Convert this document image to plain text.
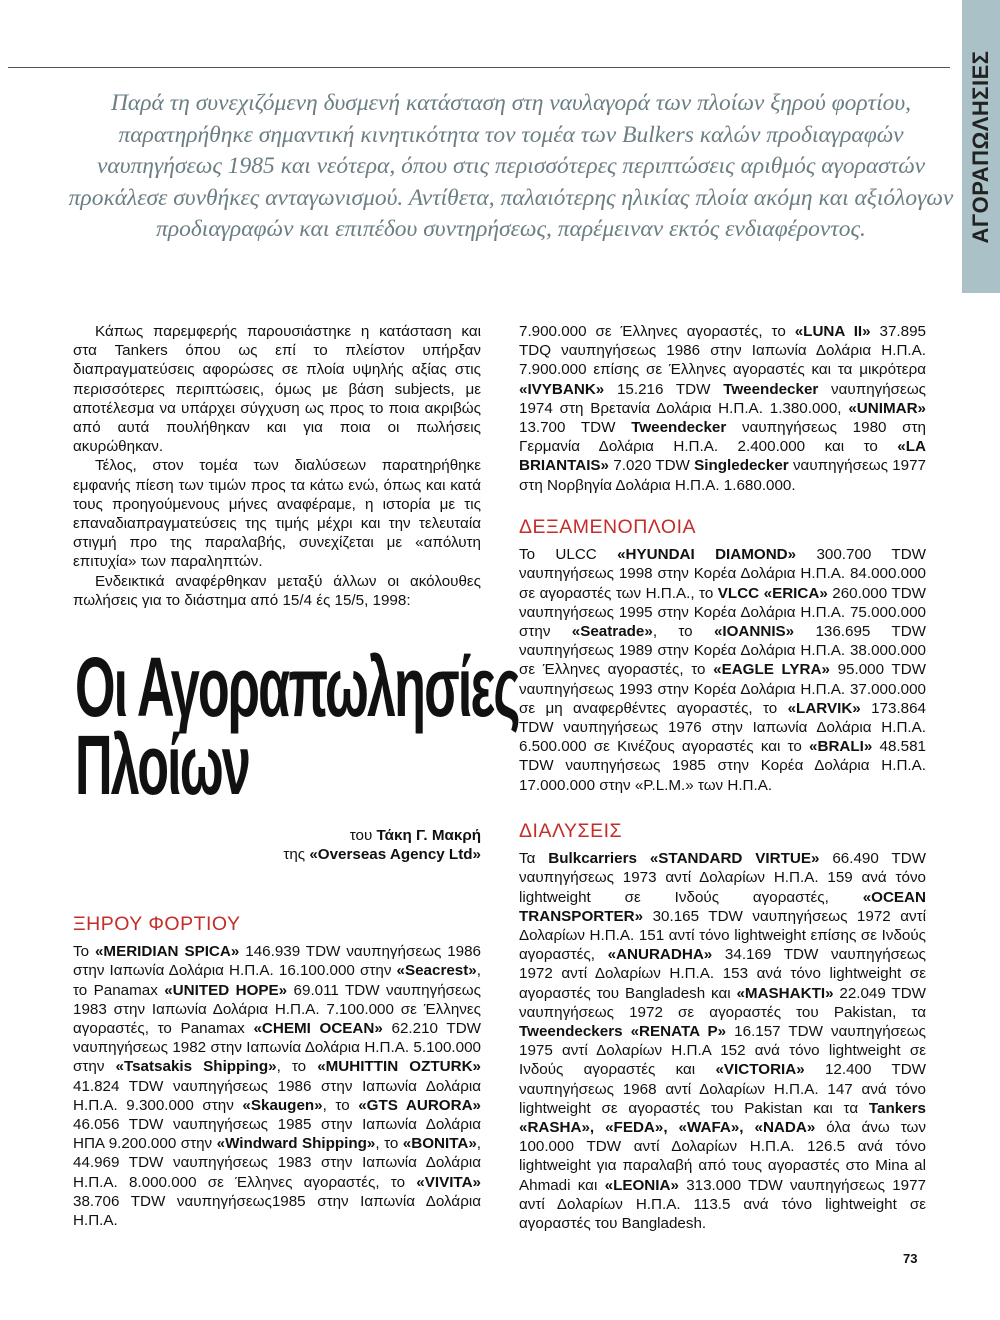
ΑΓΟΡΑΠΩΛΗΣΙΕΣ

Παρά τη συνεχιζόμενη δυσμενή κατάσταση στη ναυλαγορά των πλοίων ξηρού φορτίου, παρατηρήθηκε σημαντική κινητικότητα τον τομέα των Bulkers καλών προδιαγραφών ναυπηγήσεως 1985 και νεότερα, όπου στις περισσότερες περιπτώσεις αριθμός αγοραστών προκάλεσε συνθήκες ανταγωνισμού. Αντίθετα, παλαιότερης ηλικίας πλοία ακόμη και αξιόλογων προδιαγραφών και επιπέδου συντηρήσεως, παρέμειναν εκτός ενδιαφέροντος.

Κάπως παρεμφερής παρουσιάστηκε η κατάσταση και στα Tankers όπου ως επί το πλείστον υπήρξαν διαπραγματεύσεις αφορώσες σε πλοία υψηλής αξίας στις περισσότερες περιπτώσεις, όμως με βάση subjects, με αποτέλεσμα να υπάρχει σύγχυση ως προς το ποια ακριβώς από αυτά πουλήθηκαν και για ποια οι πωλήσεις ακυρώθηκαν.

Τέλος, στον τομέα των διαλύσεων παρατηρήθηκε εμφανής πίεση των τιμών προς τα κάτω ενώ, όπως και κατά τους προηγούμενους μήνες αναφέραμε, η ιστορία με τις επαναδιαπραγματεύσεις της τιμής μέχρι και την τελευταία στιγμή προ της παραλαβής, συνεχίζεται με «απόλυτη επιτυχία» των παραληπτών.

Ενδεικτικά αναφέρθηκαν μεταξύ άλλων οι ακόλουθες πωλήσεις για το διάστημα από 15/4 ές 15/5, 1998:

Οι Αγοραπωλησίες
Πλοίων
του Τάκη Γ. Μακρή
της «Overseas Agency Ltd»
ΞΗΡΟΥ ΦΟΡΤΙΟΥ

Το «MERIDIAN SPICA» 146.939 TDW ναυπηγήσεως 1986 στην Ιαπωνία Δολάρια Η.Π.Α. 16.100.000 στην «Seacrest», το Panamax «UNITED HOPE» 69.011 TDW ναυπηγήσεως 1983 στην Ιαπωνία Δολάρια Η.Π.Α. 7.100.000 σε Έλληνες αγοραστές, το Panamax «CHEMI OCEAN» 62.210 TDW ναυπηγήσεως 1982 στην Ιαπωνία Δολάρια Η.Π.Α. 5.100.000 στην «Tsatsakis Shipping», το «MUHITTIN OZTURK» 41.824 TDW ναυπηγήσεως 1986 στην Ιαπωνία Δολάρια Η.Π.Α. 9.300.000 στην «Skaugen», το «GTS AURORA» 46.056 TDW ναυπηγήσεως 1985 στην Ιαπωνία Δολάρια ΗΠΑ 9.200.000 στην «Windward Shipping», το «BONITA», 44.969 TDW ναυπηγήσεως 1983 στην Ιαπωνία Δολάρια Η.Π.Α. 8.000.000 σε Έλληνες αγοραστές, το «VIVITA» 38.706 TDW ναυπηγήσεως1985 στην Ιαπωνία Δολάρια Η.Π.Α.

7.900.000 σε Έλληνες αγοραστές, το «LUNA II» 37.895 TDQ ναυπηγήσεως 1986 στην Ιαπωνία Δολάρια Η.Π.Α. 7.900.000 επίσης σε Έλληνες αγοραστές και τα μικρότερα «IVYBANK» 15.216 TDW Tweendecker ναυπηγήσεως 1974 στη Βρετανία Δολάρια Η.Π.Α. 1.380.000, «UNIMAR» 13.700 TDW Tweendecker ναυπηγήσεως 1980 στη Γερμανία Δολάρια Η.Π.Α. 2.400.000 και το «LA BRIANTAIS» 7.020 TDW Singledecker ναυπηγήσεως 1977 στη Νορβηγία Δολάρια Η.Π.Α. 1.680.000.

ΔΕΞΑΜΕΝΟΠΛΟΙΑ

Το ULCC «HYUNDAI DIAMOND» 300.700 TDW ναυπηγήσεως 1998 στην Κορέα Δολάρια Η.Π.Α. 84.000.000 σε αγοραστές των Η.Π.Α., το VLCC «ERICA» 260.000 TDW ναυπηγήσεως 1995 στην Κορέα Δολάρια Η.Π.Α. 75.000.000 στην «Seatrade», το «IOANNIS» 136.695 TDW ναυπηγήσεως 1989 στην Κορέα Δολάρια Η.Π.Α. 38.000.000 σε Έλληνες αγοραστές, το «EAGLE LYRA» 95.000 TDW ναυπηγήσεως 1993 στην Κορέα Δολάρια Η.Π.Α. 37.000.000 σε μη αναφερθέντες αγοραστές, το «LARVIK» 173.864 TDW ναυπηγήσεως 1976 στην Ιαπωνία Δολάρια Η.Π.Α. 6.500.000 σε Κινέζους αγοραστές και το «BRALI» 48.581 TDW ναυπηγήσεως 1985 στην Κορέα Δολάρια Η.Π.Α. 17.000.000 στην «P.L.M.» των Η.Π.Α.

ΔΙΑΛΥΣΕΙΣ

Τα Bulkcarriers «STANDARD VIRTUE» 66.490 TDW ναυπηγήσεως 1973 αντί Δολαρίων Η.Π.Α. 159 ανά τόνο lightweight σε Ινδούς αγοραστές, «OCEAN TRANSPORTER» 30.165 TDW ναυπηγήσεως 1972 αντί Δολαρίων Η.Π.Α. 151 αντί τόνο lightweight επίσης σε Ινδούς αγοραστές, «ANURADHA» 34.169 TDW ναυπηγήσεως 1972 αντί Δολαρίων Η.Π.Α. 153 ανά τόνο lightweight σε αγοραστές του Bangladesh και «MASHAKTI» 22.049 TDW ναυπηγήσεως 1972 σε αγοραστές του Pakistan, τα Tweendeckers «RENATA P» 16.157 TDW ναυπηγήσεως 1975 αντί Δολαρίων Η.Π.Α 152 ανά τόνο lightweight σε Ινδούς αγοραστές και «VICTORIA» 12.400 TDW ναυπηγήσεως 1968 αντί Δολαρίων Η.Π.Α. 147 ανά τόνο lightweight σε αγοραστές του Pakistan και τα Tankers «RASHA», «FEDA», «WAFA», «NADA» όλα άνω των 100.000 TDW αντί Δολαρίων Η.Π.Α. 126.5 ανά τόνο lightweight για παραλαβή από τους αγοραστές στο Mina al Ahmadi και «LEONIA» 313.000 TDW ναυπηγήσεως 1977 αντί Δολαρίων Η.Π.Α. 113.5 ανά τόνο lightweight σε αγοραστές του Bangladesh.

73
